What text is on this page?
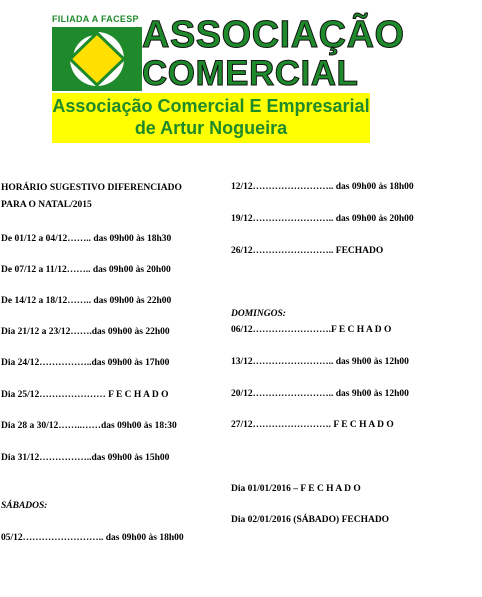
FILIADA A FACESP ASSOCIAÇÃO
COMERCIAL
Associação Comercial E Empresarial
de Artur Nogueira
HORÁRIO SUGESTIVO DIFERENCIADO
PARA O NATAL/2015
De 01/12 a 04/12…….. das 09h00 às 18h30
De 07/12 a 11/12…….. das 09h00 às 20h00
De 14/12 a 18/12…….. das 09h00 às 22h00
Dia 21/12 a 23/12…….das 09h00 às 22h00
Dia 24/12……………..das 09h00 às 17h00
Dia 25/12………………… F E C H A D O
Dia 28 a 30/12……..……das 09h00 às 18:30
Dia 31/12……………..das 09h00 às 15h00
SÁBADOS:
05/12…………………….. das 09h00 às 18h00
12/12…………………….. das 09h00 às 18h00
19/12…………………….. das 09h00 às 20h00
26/12…………………….. FECHADO
DOMINGOS:
06/12…………………….F E C H A D O
13/12…………………….. das 9h00 às 12h00
20/12…………………….. das 9h00 às 12h00
27/12……………………. F E C H A D O
Dia 01/01/2016 – F E C H A D O
Dia 02/01/2016 (SÁBADO) FECHADO
